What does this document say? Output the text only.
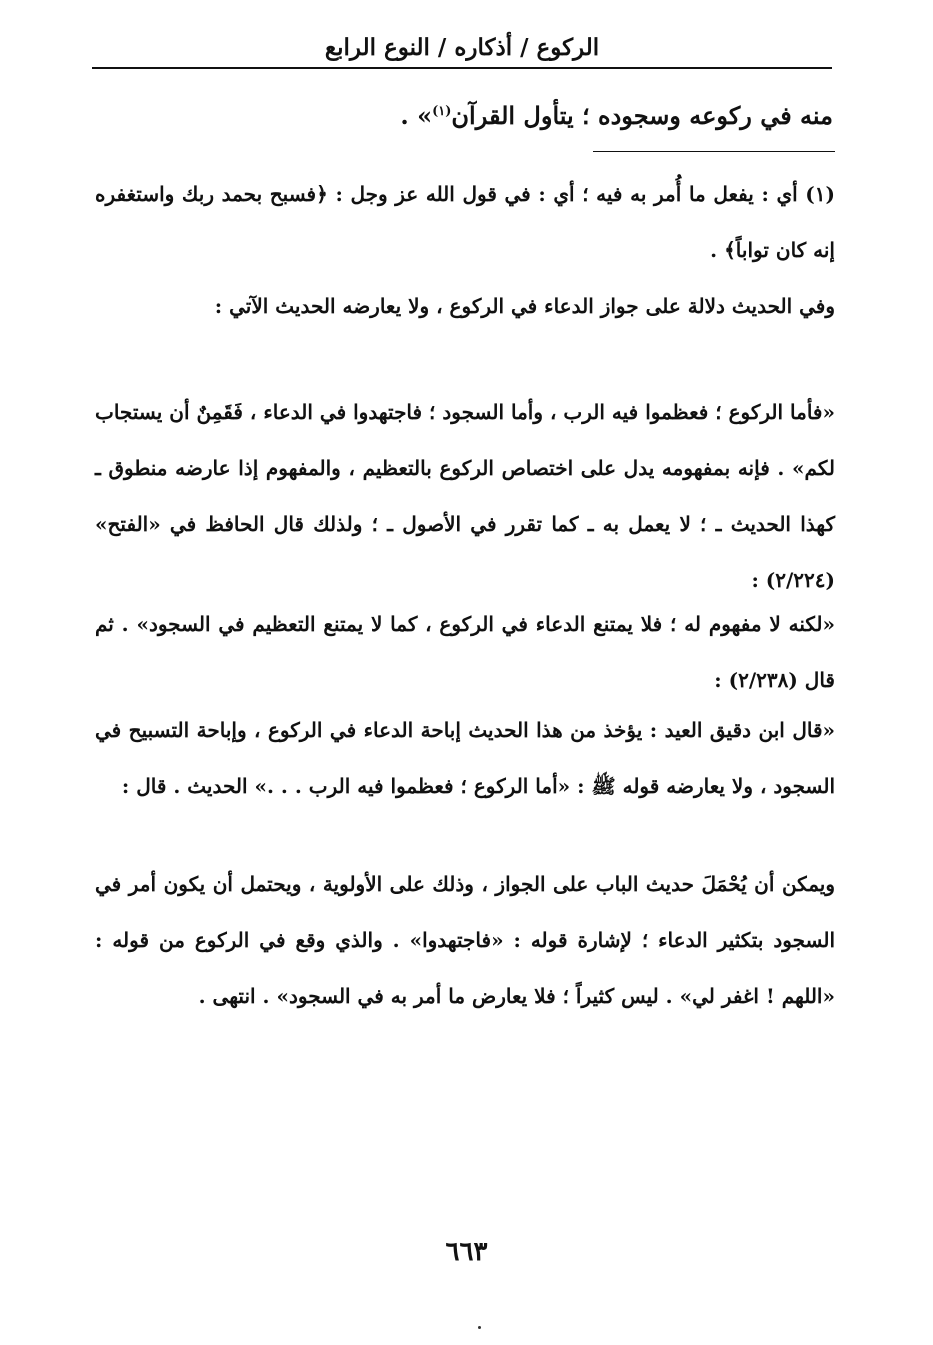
الركوع / أذكاره / النوع الرابع
منه في ركوعه وسجوده ؛ يتأول القرآن$^{(١)}$» .

(١) أي : يفعل ما أُمر به فيه ؛ أي : في قول الله عز وجل : ﴿فسبح بحمد ربك واستغفره إنه كان تواباً﴾ .

وفي الحديث دلالة على جواز الدعاء في الركوع ، ولا يعارضه الحديث الآتي :

«فأما الركوع ؛ فعظموا فيه الرب ، وأما السجود ؛ فاجتهدوا في الدعاء ، فَقَمِنٌ أن يستجاب لكم» . فإنه بمفهومه يدل على اختصاص الركوع بالتعظيم ، والمفهوم إذا عارضه منطوق ـ كهذا الحديث ـ ؛ لا يعمل به ـ كما تقرر في الأصول ـ ؛ ولذلك قال الحافظ في «الفتح» (٢/٢٢٤) :

«لكنه لا مفهوم له ؛ فلا يمتنع الدعاء في الركوع ، كما لا يمتنع التعظيم في السجود» . ثم قال (٢/٢٣٨) :

«قال ابن دقيق العيد : يؤخذ من هذا الحديث إباحة الدعاء في الركوع ، وإباحة التسبيح في السجود ، ولا يعارضه قوله ﷺ : «أما الركوع ؛ فعظموا فيه الرب . . .» الحديث . قال :

ويمكن أن يُحْمَلَ حديث الباب على الجواز ، وذلك على الأولوية ، ويحتمل أن يكون أمر في السجود بتكثير الدعاء ؛ لإشارة قوله : «فاجتهدوا» . والذي وقع في الركوع من قوله : «اللهم ! اغفر لي» . ليس كثيراً ؛ فلا يعارض ما أمر به في السجود» . انتهى .

٦٦٣
